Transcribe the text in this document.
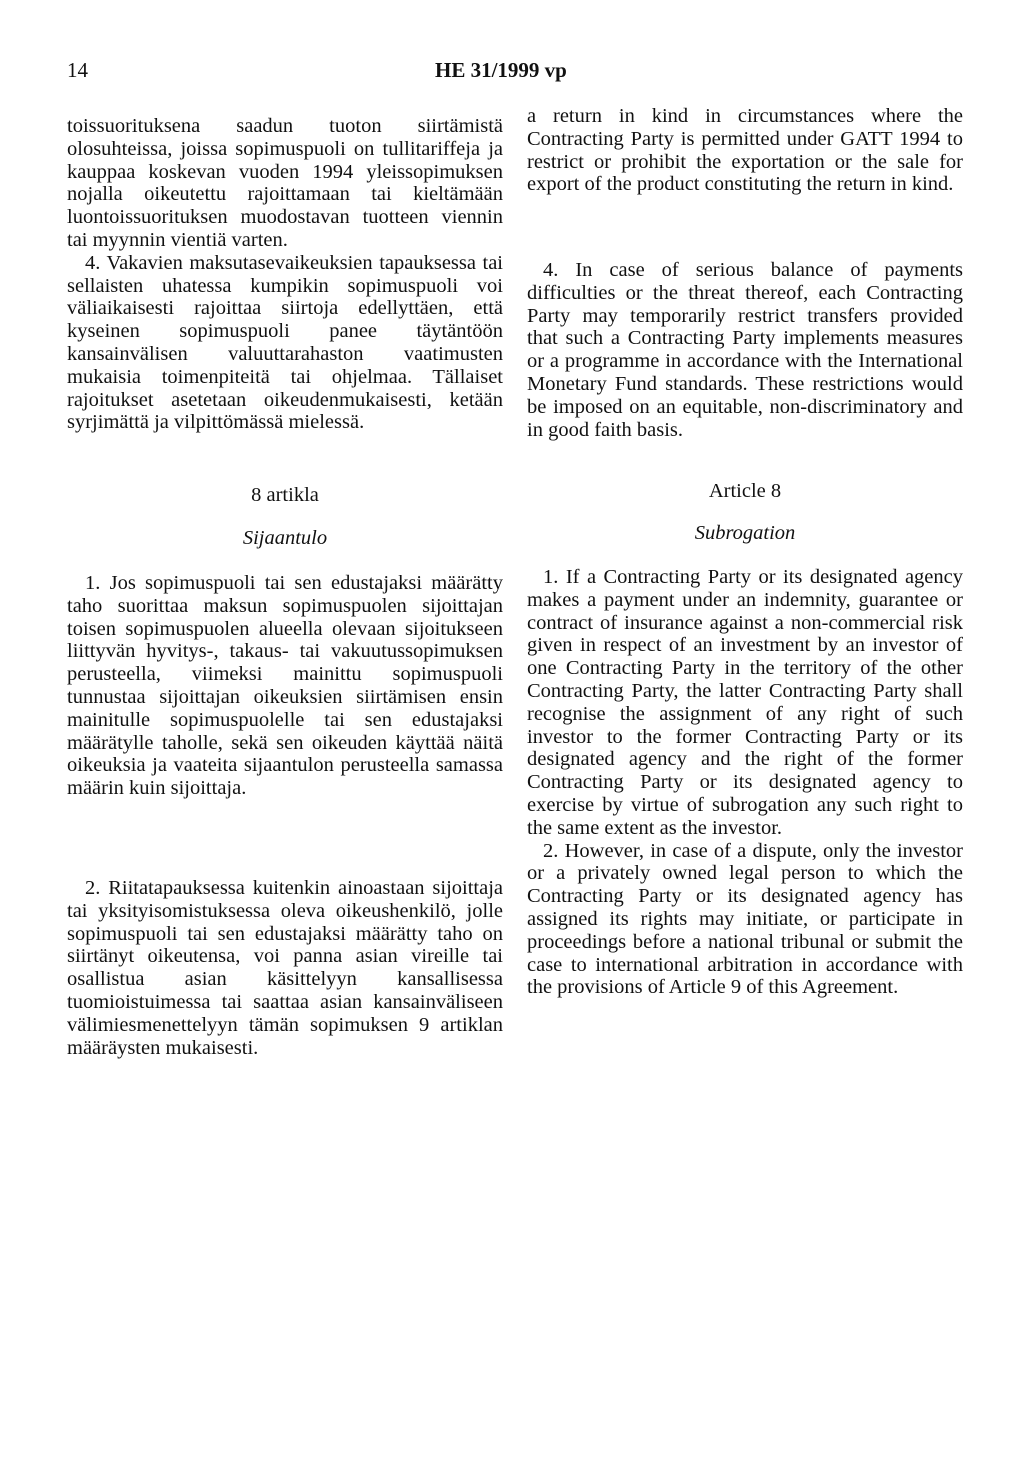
14	HE 31/1999 vp

toissuorituksena saadun tuoton siirtämistä olosuhteissa, joissa sopimuspuoli on tullitariffeja ja kauppaa koskevan vuoden 1994 yleissopimuksen nojalla oikeutettu rajoittamaan tai kieltämään luontoissuorituksen muodostavan tuotteen viennin tai myynnin vientiä varten.

4. Vakavien maksutasevaikeuksien tapauksessa tai sellaisten uhatessa kumpikin sopimuspuoli voi väliaikaisesti rajoittaa siirtoja edellyttäen, että kyseinen sopimuspuoli panee täytäntöön kansainvälisen valuuttarahaston vaatimusten mukaisia toimenpiteitä tai ohjelmaa. Tällaiset rajoitukset asetetaan oikeudenmukaisesti, ketään syrjimättä ja vilpittömässä mielessä.

8 artikla
Sijaantulo

1. Jos sopimuspuoli tai sen edustajaksi määrätty taho suorittaa maksun sopimuspuolen sijoittajan toisen sopimuspuolen alueella olevaan sijoitukseen liittyvän hyvitys-, takaus- tai vakuutussopimuksen perusteella, viimeksi mainittu sopimuspuoli tunnustaa sijoittajan oikeuksien siirtämisen ensin mainitulle sopimuspuolelle tai sen edustajaksi määrätylle taholle, sekä sen oikeuden käyttää näitä oikeuksia ja vaateita sijaantulon perusteella samassa määrin kuin sijoittaja.

2. Riitatapauksessa kuitenkin ainoastaan sijoittaja tai yksityisomistuksessa oleva oikeushenkilö, jolle sopimuspuoli tai sen edustajaksi määrätty taho on siirtänyt oikeutensa, voi panna asian vireille tai osallistua asian käsittelyyn kansallisessa tuomioistuimessa tai saattaa asian kansainväliseen välimiesmenettelyyn tämän sopimuksen 9 artiklan määräysten mukaisesti.

a return in kind in circumstances where the Contracting Party is permitted under GATT 1994 to restrict or prohibit the exportation or the sale for export of the product constituting the return in kind.

4. In case of serious balance of payments difficulties or the threat thereof, each Contracting Party may temporarily restrict transfers provided that such a Contracting Party implements measures or a programme in accordance with the International Monetary Fund standards. These restrictions would be imposed on an equitable, non-discriminatory and in good faith basis.

Article 8
Subrogation

1. If a Contracting Party or its designated agency makes a payment under an indemnity, guarantee or contract of insurance against a non-commercial risk given in respect of an investment by an investor of one Contracting Party in the territory of the other Contracting Party, the latter Contracting Party shall recognise the assignment of any right of such investor to the former Contracting Party or its designated agency and the right of the former Contracting Party or its designated agency to exercise by virtue of subrogation any such right to the same extent as the investor.

2. However, in case of a dispute, only the investor or a privately owned legal person to which the Contracting Party or its designated agency has assigned its rights may initiate, or participate in proceedings before a national tribunal or submit the case to international arbitration in accordance with the provisions of Article 9 of this Agreement.
